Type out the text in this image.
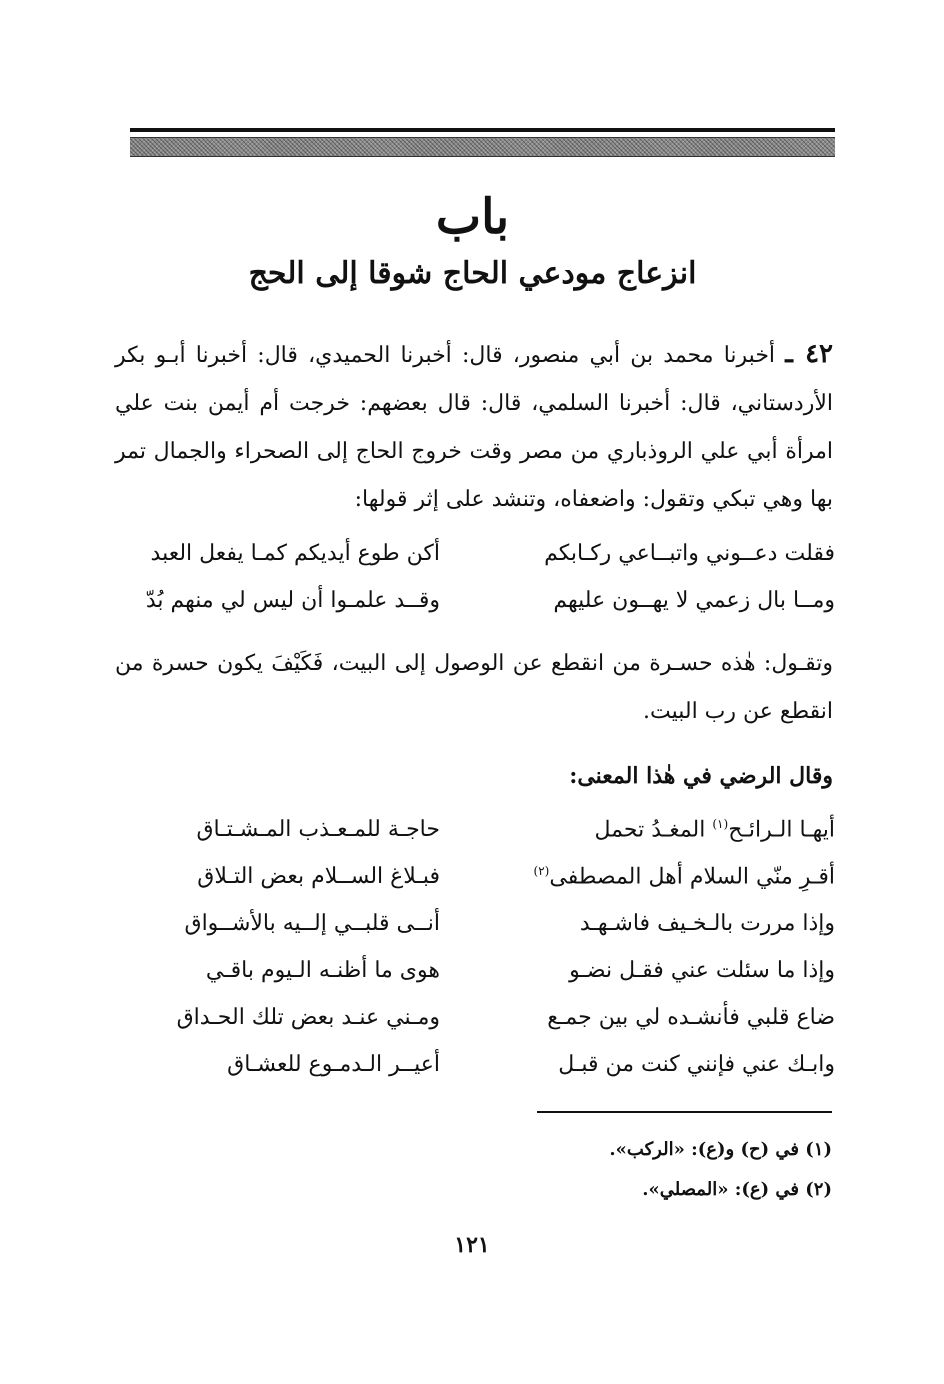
باب
انزعاج مودعي الحاج شوقا إلى الحج
٤٢ ـ أخبرنا محمد بن أبي منصور، قال: أخبرنا الحميدي، قال: أخبرنا أبـو بكر الأردستاني، قال: أخبرنا السلمي، قال: قال بعضهم: خرجت أم أيمن بنت علي امرأة أبي علي الروذباري من مصر وقت خروج الحاج إلى الصحراء والجمال تمر بها وهي تبكي وتقول: واضعفاه، وتنشد على إثر قولها:
فقلت دعــوني واتبــاعي ركـابكم
أكن طوع أيديكم كمـا يفعل العبد
ومــا بال زعمي لا يهــون عليهم
وقــد علمـوا أن ليس لي منهم بُدّ
وتقـول: هٰذه حسـرة من انقطع عن الوصول إلى البيت، فَكَيْفَ يكون حسرة من انقطع عن رب البيت.
وقال الرضي في هٰذا المعنى:
أيهـا الـرائـح$^{(١)}$ المغـدُ تحمل
حاجـة للمـعـذب المـشـتـاق
أقـرِ منّي السلام أهل المصطفى$^{(٢)}$
فبـلاغ الســلام بعض التـلاق
وإذا مررت بالـخـيف فاشـهـد
أنــى قلبــي إلــيه بالأشــواق
وإذا ما سئلت عني فقـل نضـو
هوى ما أظنـه الـيوم باقـي
ضاع قلبي فأنشـده لي بين جمـع
ومـني عنـد بعض تلك الحـداق
وابـك عني فإنني كنت من قبـل
أعيــر الـدمـوع للعشـاق
(١) في (ح) و(ع): «الركب».
(٢) في (ع): «المصلي».
١٢١
